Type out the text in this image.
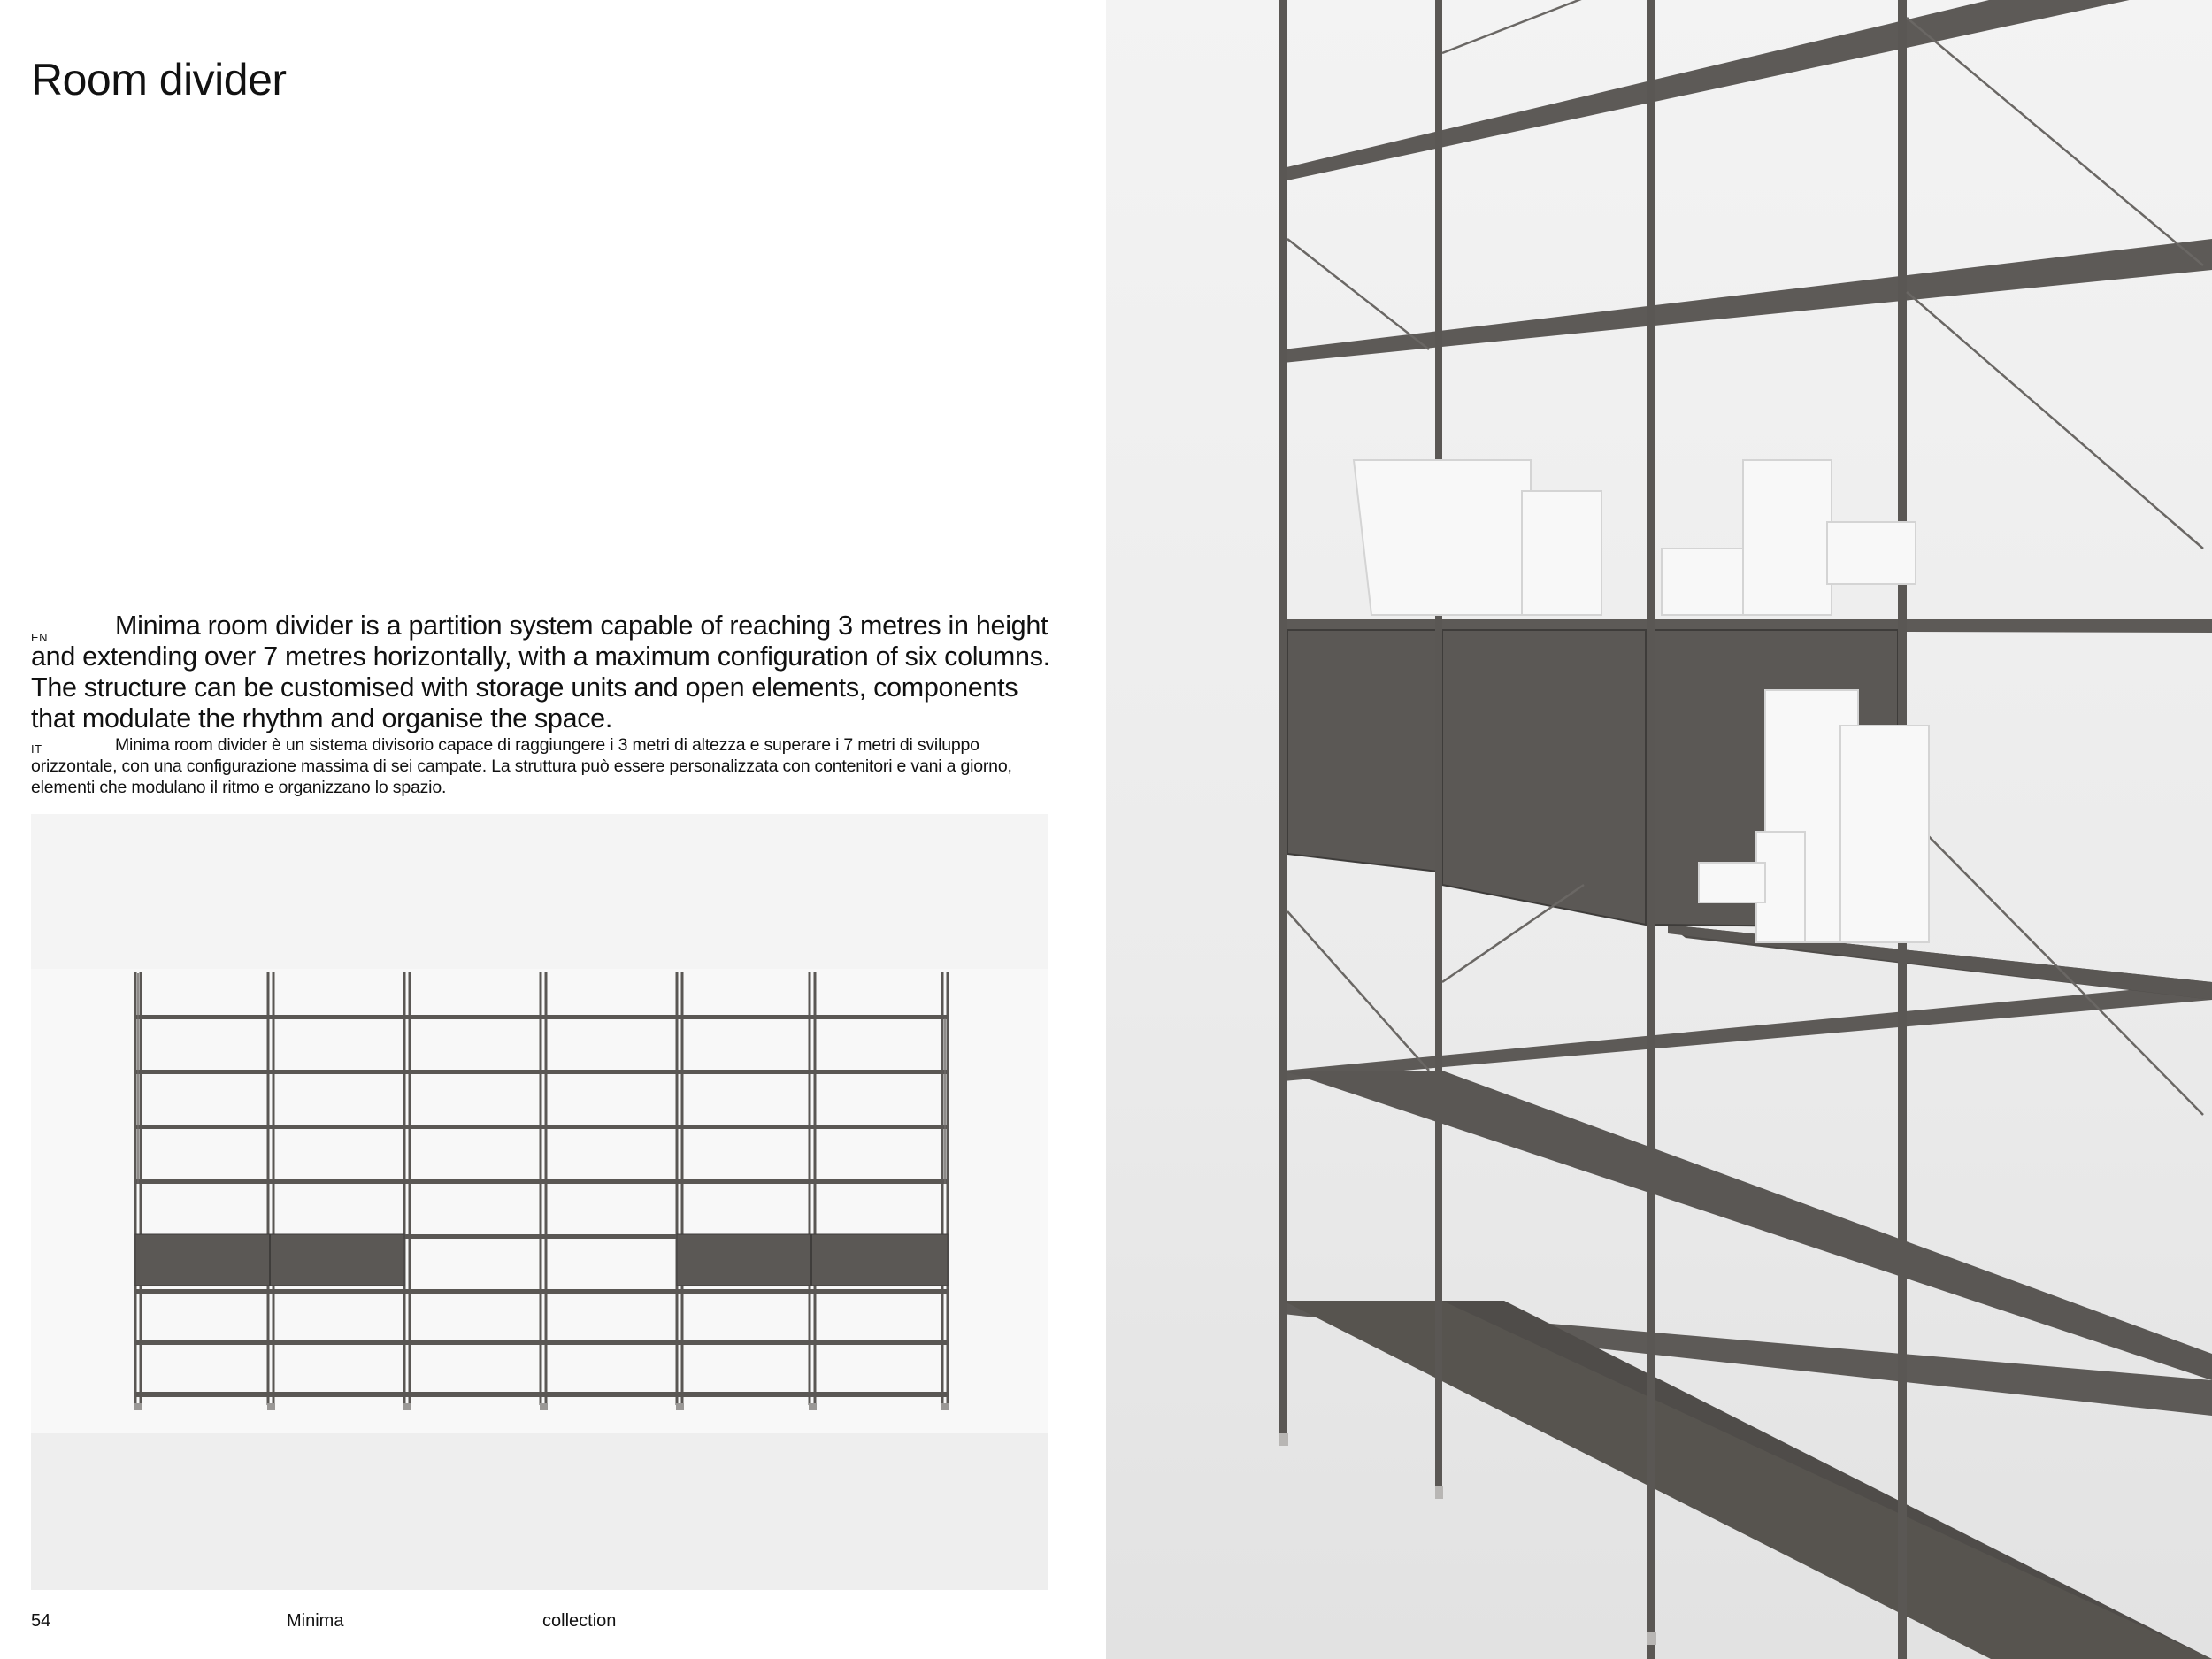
Room divider

EN Minima room divider is a partition system capable of reaching 3 metres in height and extending over 7 metres horizontally, with a maximum configuration of six columns. The structure can be customised with storage units and open elements, components that modulate the rhythm and organise the space.

IT	Minima room divider è un sistema divisorio capace di raggiungere i 3 metri di altezza e superare i 7 metri di sviluppo orizzontale, con una configurazione massima di sei campate. La struttura può essere personalizzata con contenitori e vani a giorno, elementi che modulano il ritmo e organizzano lo spazio.

54	Minima	collection
